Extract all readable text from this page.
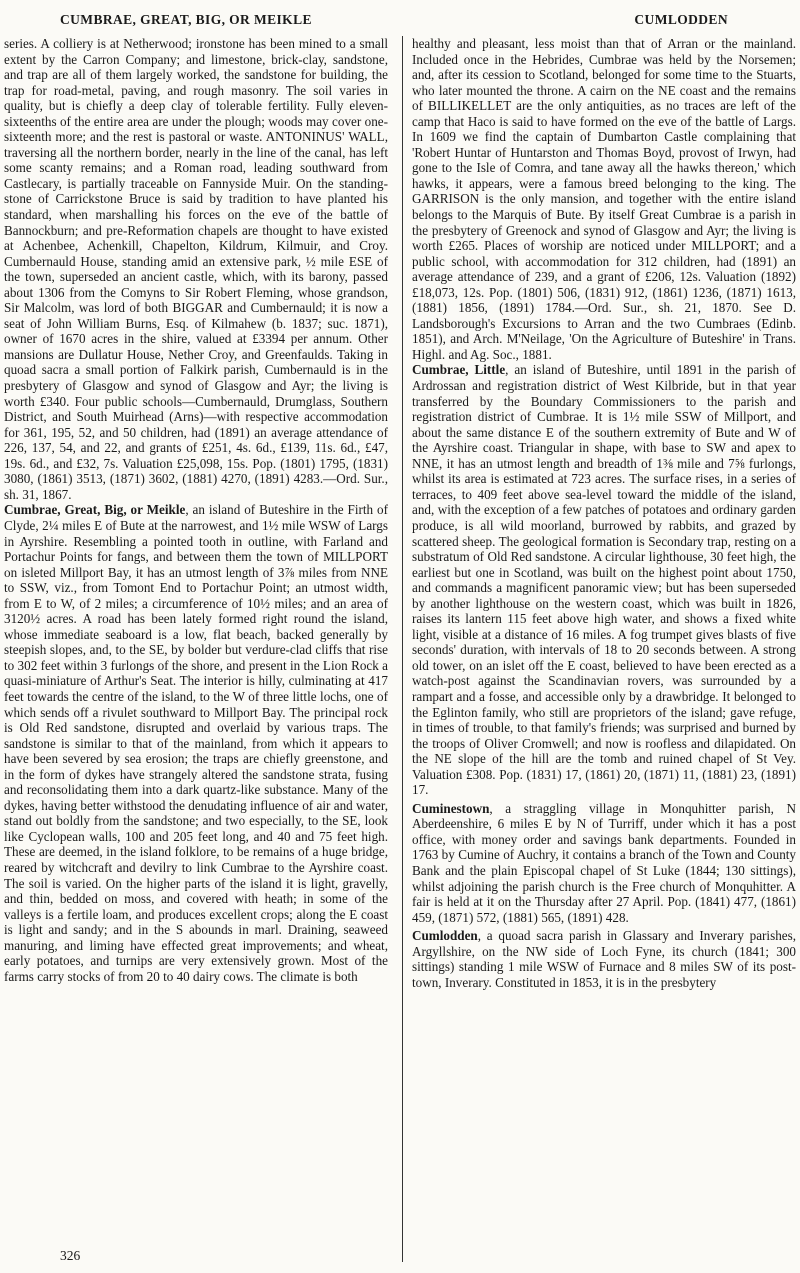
CUMBRAE, GREAT, BIG, OR MEIKLE	CUMLODDEN

series. A colliery is at Netherwood; ironstone has been mined to a small extent by the Carron Company; and limestone, brick-clay, sandstone, and trap are all of them largely worked, the sandstone for building, the trap for road-metal, paving, and rough masonry. The soil varies in quality, but is chiefly a deep clay of tolerable fertility. Fully eleven-sixteenths of the entire area are under the plough; woods may cover one-sixteenth more; and the rest is pastoral or waste. ANTONINUS' WALL, traversing all the northern border, nearly in the line of the canal, has left some scanty remains; and a Roman road, leading southward from Castlecary, is partially traceable on Fannyside Muir. On the standing-stone of Carrickstone Bruce is said by tradition to have planted his standard, when marshalling his forces on the eve of the battle of Bannockburn; and pre-Reformation chapels are thought to have existed at Achenbee, Achenkill, Chapelton, Kildrum, Kilmuir, and Croy. Cumbernauld House, standing amid an extensive park, ½ mile ESE of the town, superseded an ancient castle, which, with its barony, passed about 1306 from the Comyns to Sir Robert Fleming, whose grandson, Sir Malcolm, was lord of both BIGGAR and Cumbernauld; it is now a seat of John William Burns, Esq. of Kilmahew (b. 1837; suc. 1871), owner of 1670 acres in the shire, valued at £3394 per annum. Other mansions are Dullatur House, Nether Croy, and Greenfaulds. Taking in quoad sacra a small portion of Falkirk parish, Cumbernauld is in the presbytery of Glasgow and synod of Glasgow and Ayr; the living is worth £340. Four public schools—Cumbernauld, Drumglass, Southern District, and South Muirhead (Arns)—with respective accommodation for 361, 195, 52, and 50 children, had (1891) an average attendance of 226, 137, 54, and 22, and grants of £251, 4s. 6d., £139, 11s. 6d., £47, 19s. 6d., and £32, 7s. Valuation £25,098, 15s. Pop. (1801) 1795, (1831) 3080, (1861) 3513, (1871) 3602, (1881) 4270, (1891) 4283.—Ord. Sur., sh. 31, 1867.

Cumbrae, Great, Big, or Meikle, an island of Buteshire in the Firth of Clyde, 2¼ miles E of Bute at the narrowest, and 1½ mile WSW of Largs in Ayrshire. Resembling a pointed tooth in outline, with Farland and Portachur Points for fangs, and between them the town of MILLPORT on isleted Millport Bay, it has an utmost length of 3⅞ miles from NNE to SSW, viz., from Tomont End to Portachur Point; an utmost width, from E to W, of 2 miles; a circumference of 10½ miles; and an area of 3120½ acres. A road has been lately formed right round the island, whose immediate seaboard is a low, flat beach, backed generally by steepish slopes, and, to the SE, by bolder but verdure-clad cliffs that rise to 302 feet within 3 furlongs of the shore, and present in the Lion Rock a quasi-miniature of Arthur's Seat. The interior is hilly, culminating at 417 feet towards the centre of the island, to the W of three little lochs, one of which sends off a rivulet southward to Millport Bay. The principal rock is Old Red sandstone, disrupted and overlaid by various traps. The sandstone is similar to that of the mainland, from which it appears to have been severed by sea erosion; the traps are chiefly greenstone, and in the form of dykes have strangely altered the sandstone strata, fusing and reconsolidating them into a dark quartz-like substance. Many of the dykes, having better withstood the denudating influence of air and water, stand out boldly from the sandstone; and two especially, to the SE, look like Cyclopean walls, 100 and 205 feet long, and 40 and 75 feet high. These are deemed, in the island folklore, to be remains of a huge bridge, reared by witchcraft and devilry to link Cumbrae to the Ayrshire coast. The soil is varied. On the higher parts of the island it is light, gravelly, and thin, bedded on moss, and covered with heath; in some of the valleys is a fertile loam, and produces excellent crops; along the E coast is light and sandy; and in the S abounds in marl. Draining, seaweed manuring, and liming have effected great improvements; and wheat, early potatoes, and turnips are very extensively grown. Most of the farms carry stocks of from 20 to 40 dairy cows. The climate is both

healthy and pleasant, less moist than that of Arran or the mainland. Included once in the Hebrides, Cumbrae was held by the Norsemen; and, after its cession to Scotland, belonged for some time to the Stuarts, who later mounted the throne. A cairn on the NE coast and the remains of BILLIKELLET are the only antiquities, as no traces are left of the camp that Haco is said to have formed on the eve of the battle of Largs. In 1609 we find the captain of Dumbarton Castle complaining that 'Robert Huntar of Huntarston and Thomas Boyd, provost of Irwyn, had gone to the Isle of Comra, and tane away all the hawks thereon,' which hawks, it appears, were a famous breed belonging to the king. The GARRISON is the only mansion, and together with the entire island belongs to the Marquis of Bute. By itself Great Cumbrae is a parish in the presbytery of Greenock and synod of Glasgow and Ayr; the living is worth £265. Places of worship are noticed under MILLPORT; and a public school, with accommodation for 312 children, had (1891) an average attendance of 239, and a grant of £206, 12s. Valuation (1892) £18,073, 12s. Pop. (1801) 506, (1831) 912, (1861) 1236, (1871) 1613, (1881) 1856, (1891) 1784.—Ord. Sur., sh. 21, 1870. See D. Landsborough's Excursions to Arran and the two Cumbraes (Edinb. 1851), and Arch. M'Neilage, 'On the Agriculture of Buteshire' in Trans. Highl. and Ag. Soc., 1881.

Cumbrae, Little, an island of Buteshire, until 1891 in the parish of Ardrossan and registration district of West Kilbride, but in that year transferred by the Boundary Commissioners to the parish and registration district of Cumbrae. It is 1½ mile SSW of Millport, and about the same distance E of the southern extremity of Bute and W of the Ayrshire coast. Triangular in shape, with base to SW and apex to NNE, it has an utmost length and breadth of 1⅜ mile and 7⅝ furlongs, whilst its area is estimated at 723 acres. The surface rises, in a series of terraces, to 409 feet above sea-level toward the middle of the island, and, with the exception of a few patches of potatoes and ordinary garden produce, is all wild moorland, burrowed by rabbits, and grazed by scattered sheep. The geological formation is Secondary trap, resting on a substratum of Old Red sandstone. A circular lighthouse, 30 feet high, the earliest but one in Scotland, was built on the highest point about 1750, and commands a magnificent panoramic view; but has been superseded by another lighthouse on the western coast, which was built in 1826, raises its lantern 115 feet above high water, and shows a fixed white light, visible at a distance of 16 miles. A fog trumpet gives blasts of five seconds' duration, with intervals of 18 to 20 seconds between. A strong old tower, on an islet off the E coast, believed to have been erected as a watch-post against the Scandinavian rovers, was surrounded by a rampart and a fosse, and accessible only by a drawbridge. It belonged to the Eglinton family, who still are proprietors of the island; gave refuge, in times of trouble, to that family's friends; was surprised and burned by the troops of Oliver Cromwell; and now is roofless and dilapidated. On the NE slope of the hill are the tomb and ruined chapel of St Vey. Valuation £308. Pop. (1831) 17, (1861) 20, (1871) 11, (1881) 23, (1891) 17.

Cuminestown, a straggling village in Monquhitter parish, N Aberdeenshire, 6 miles E by N of Turriff, under which it has a post office, with money order and savings bank departments. Founded in 1763 by Cumine of Auchry, it contains a branch of the Town and County Bank and the plain Episcopal chapel of St Luke (1844; 130 sittings), whilst adjoining the parish church is the Free church of Monquhitter. A fair is held at it on the Thursday after 27 April. Pop. (1841) 477, (1861) 459, (1871) 572, (1881) 565, (1891) 428.

Cumlodden, a quoad sacra parish in Glassary and Inverary parishes, Argyllshire, on the NW side of Loch Fyne, its church (1841; 300 sittings) standing 1 mile WSW of Furnace and 8 miles SW of its post-town, Inverary. Constituted in 1853, it is in the presbytery

326
